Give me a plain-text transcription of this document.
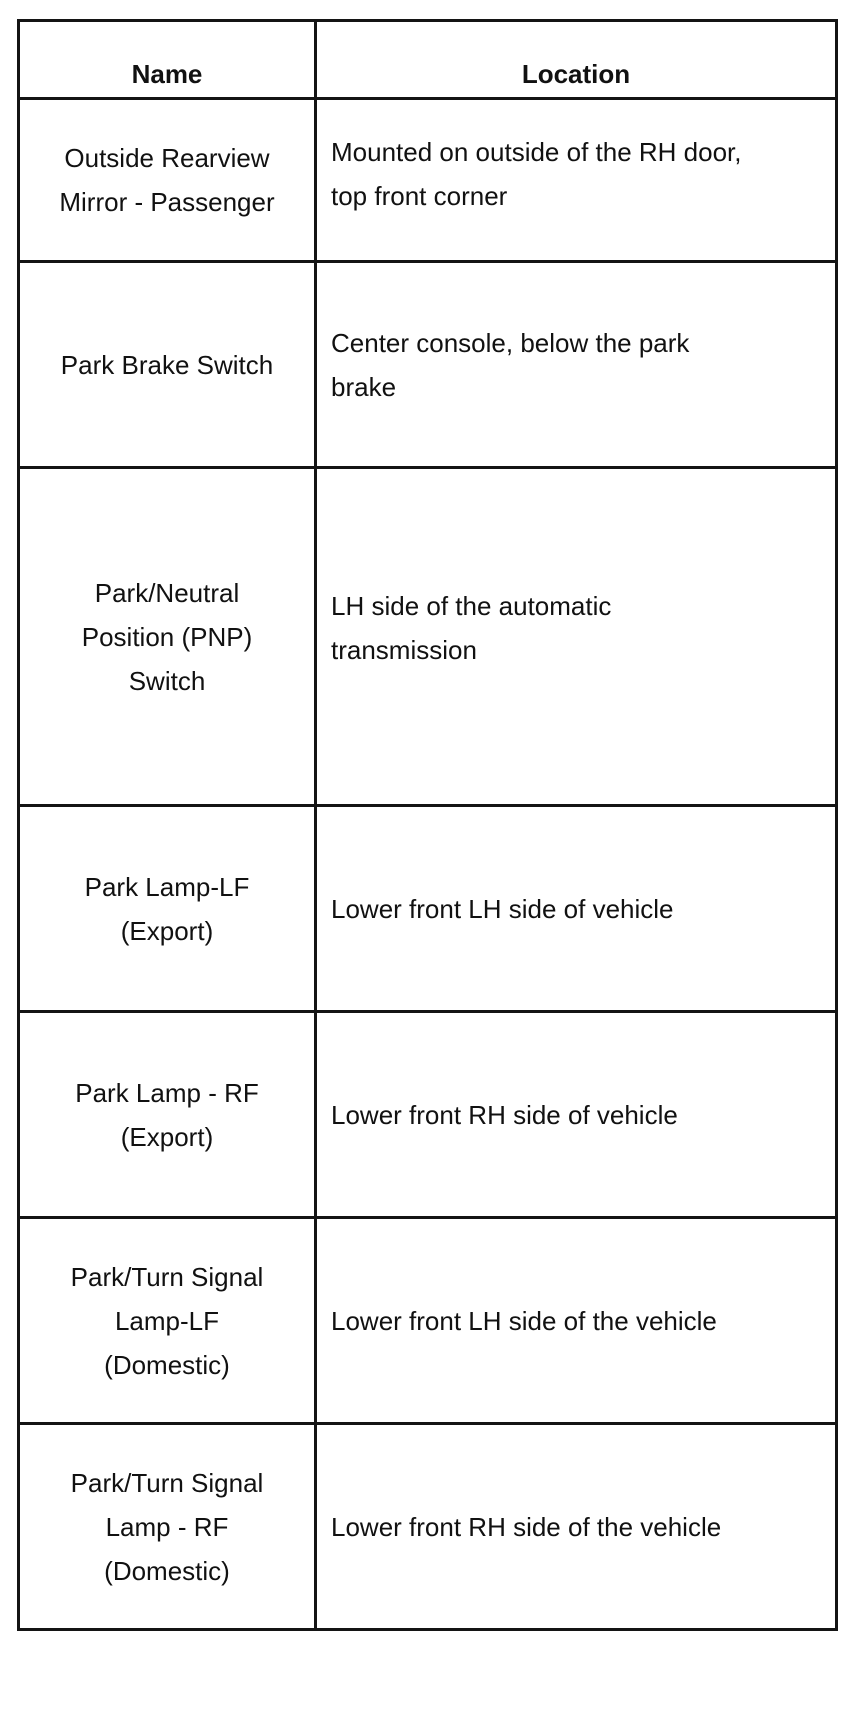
Name	Location

Outside Rearview
Mirror - Passenger	Mounted on outside of the RH door,
top front corner

Park Brake Switch	Center console, below the park
brake

Park/Neutral
Position (PNP)
Switch	LH side of the automatic
transmission

Park Lamp-LF
(Export)	Lower front LH side of vehicle

Park Lamp - RF
(Export)	Lower front RH side of vehicle

Park/Turn Signal
Lamp-LF
(Domestic)	Lower front LH side of the vehicle

Park/Turn Signal
Lamp - RF
(Domestic)	Lower front RH side of the vehicle
